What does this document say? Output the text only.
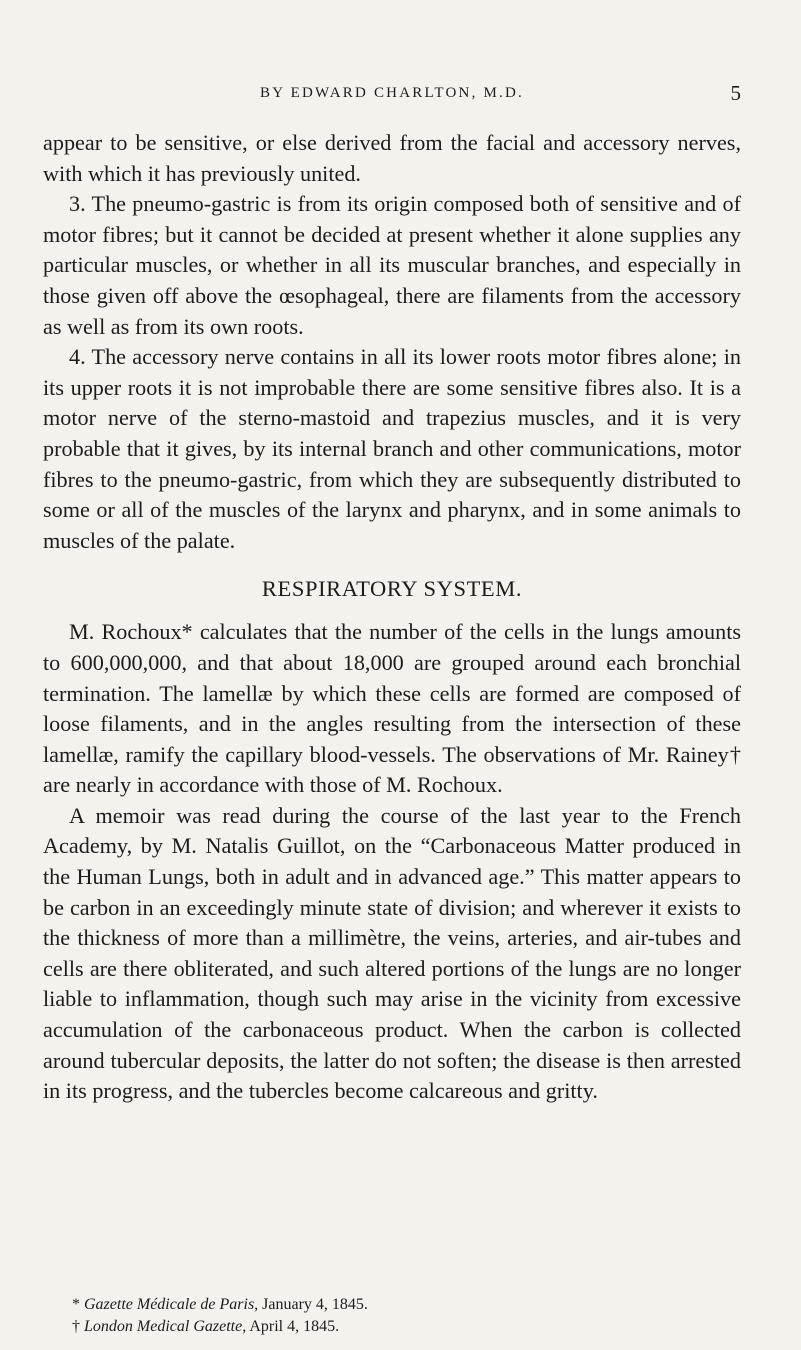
BY EDWARD CHARLTON, M.D.	5

appear to be sensitive, or else derived from the facial and accessory nerves, with which it has previously united.

3. The pneumo-gastric is from its origin composed both of sensitive and of motor fibres; but it cannot be decided at present whether it alone supplies any particular muscles, or whether in all its muscular branches, and especially in those given off above the œsophageal, there are filaments from the accessory as well as from its own roots.

4. The accessory nerve contains in all its lower roots motor fibres alone; in its upper roots it is not improbable there are some sensitive fibres also. It is a motor nerve of the sterno-mastoid and trapezius muscles, and it is very probable that it gives, by its internal branch and other communications, motor fibres to the pneumo-gastric, from which they are subsequently distributed to some or all of the muscles of the larynx and pharynx, and in some animals to muscles of the palate.

RESPIRATORY SYSTEM.

M. Rochoux* calculates that the number of the cells in the lungs amounts to 600,000,000, and that about 18,000 are grouped around each bronchial termination. The lamellæ by which these cells are formed are composed of loose filaments, and in the angles resulting from the intersection of these lamellæ, ramify the capillary blood-vessels. The observations of Mr. Rainey† are nearly in accordance with those of M. Rochoux.

A memoir was read during the course of the last year to the French Academy, by M. Natalis Guillot, on the “Carbonaceous Matter produced in the Human Lungs, both in adult and in advanced age.” This matter appears to be carbon in an exceedingly minute state of division; and wherever it exists to the thickness of more than a millimètre, the veins, arteries, and air-tubes and cells are there obliterated, and such altered portions of the lungs are no longer liable to inflammation, though such may arise in the vicinity from excessive accumulation of the carbonaceous product. When the carbon is collected around tubercular deposits, the latter do not soften; the disease is then arrested in its progress, and the tubercles become calcareous and gritty.

* Gazette Médicale de Paris, January 4, 1845.

† London Medical Gazette, April 4, 1845.
